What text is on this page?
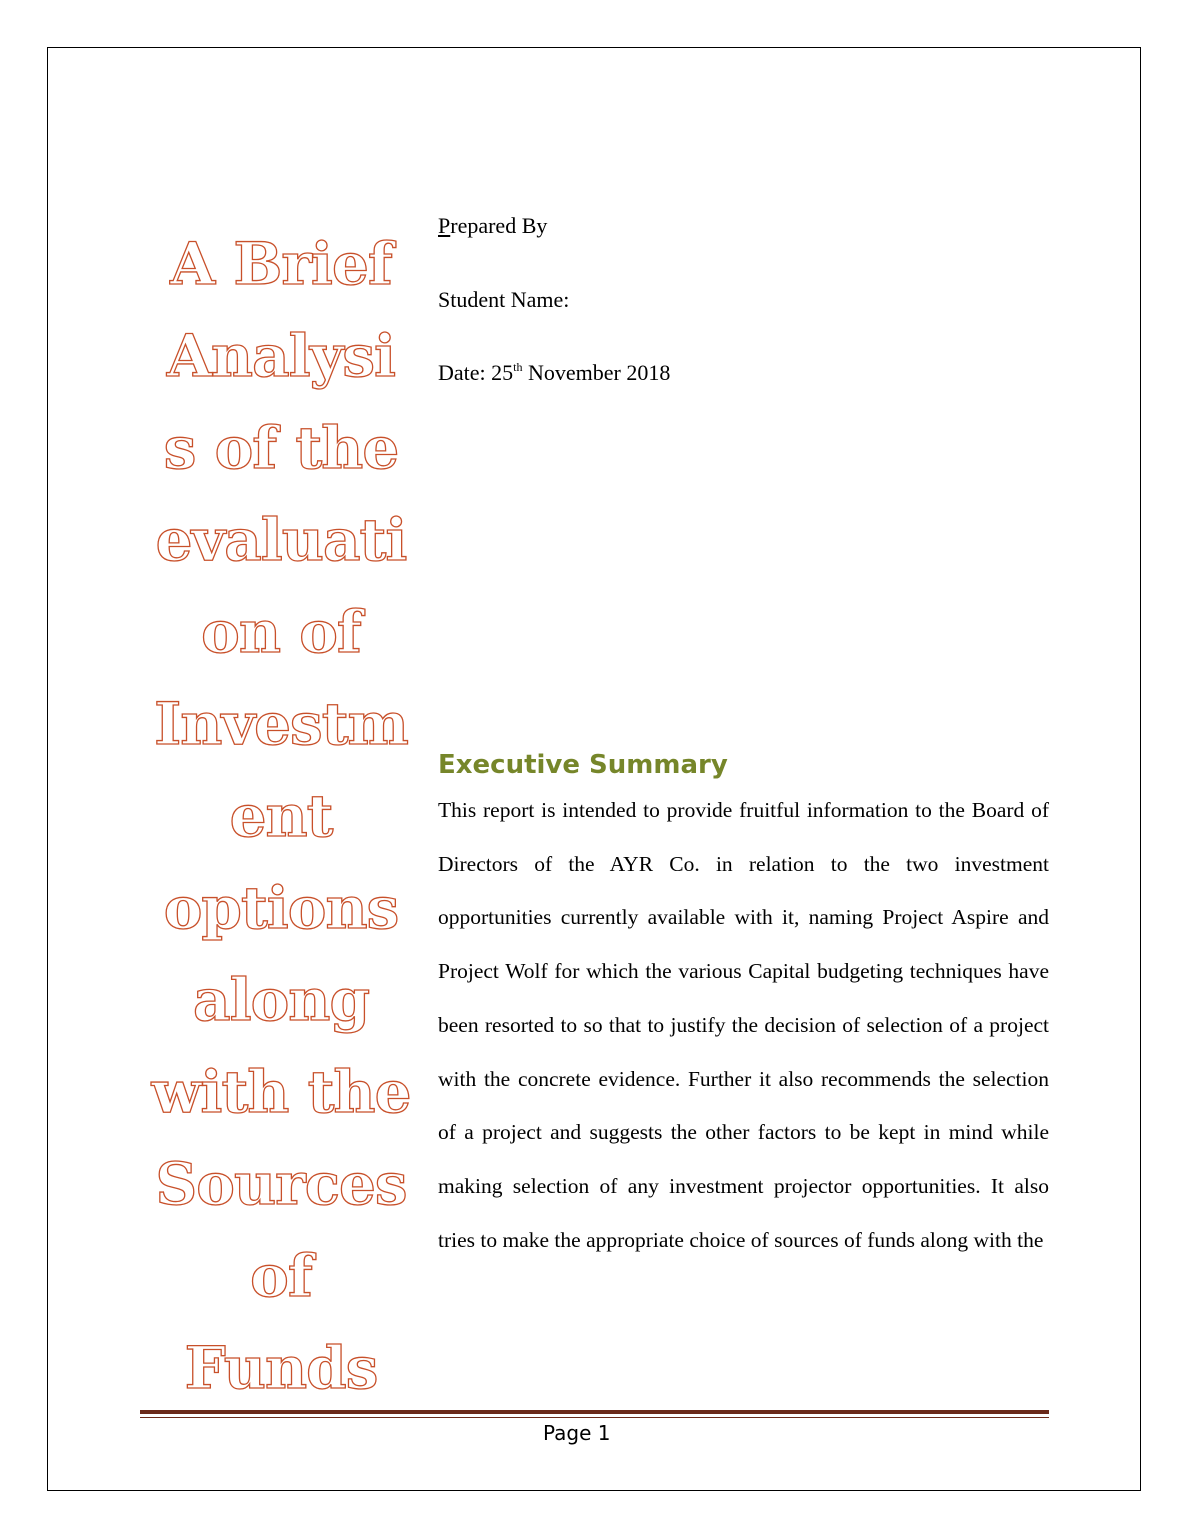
A Brief
Analysi
s of the
evaluati
on of
Investm
ent
options
along
with the
Sources
of
Funds
Prepared By
Student Name:
Date: 25th November 2018
Executive Summary

This report is intended to provide fruitful information to the Board of Directors of the AYR Co. in relation to the two investment opportunities currently available with it, naming Project Aspire and Project Wolf for which the various Capital budgeting techniques have been resorted to so that to justify the decision of selection of a project with the concrete evidence. Further it also recommends the selection of a project and suggests the other factors to be kept in mind while making selection of any investment projector opportunities. It also tries to make the appropriate choice of sources of funds along with the

Page 1
